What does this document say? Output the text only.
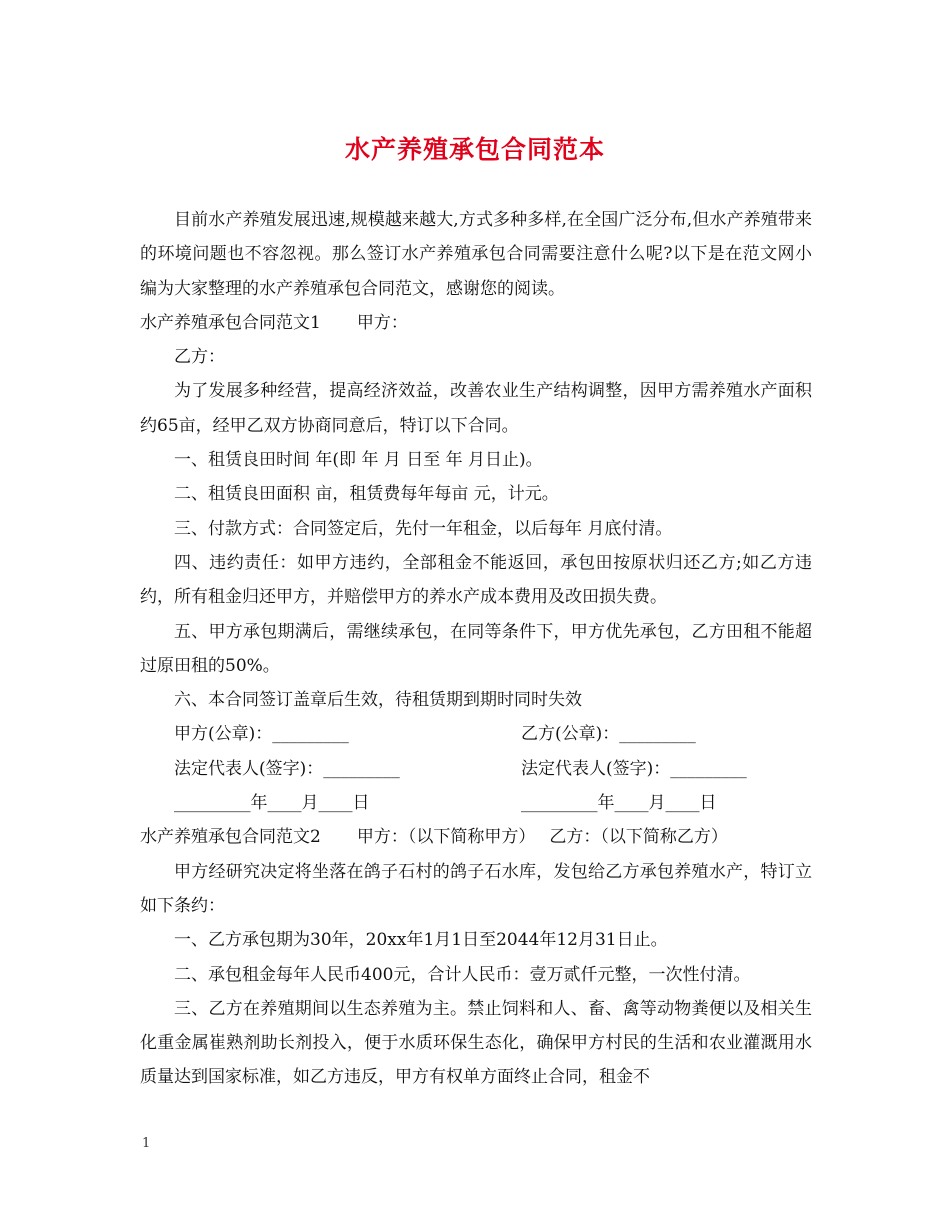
水产养殖承包合同范本

目前水产养殖发展迅速,规模越来越大,方式多种多样,在全国广泛分布,但水产养殖带来的环境问题也不容忽视。那么签订水产养殖承包合同需要注意什么呢?以下是在范文网小编为大家整理的水产养殖承包合同范文，感谢您的阅读。

水产养殖承包合同范文1 甲方：

乙方：

为了发展多种经营，提高经济效益，改善农业生产结构调整，因甲方需养殖水产面积约65亩，经甲乙双方协商同意后，特订以下合同。

一、租赁良田时间 年(即 年 月 日至 年 月日止)。

二、租赁良田面积 亩，租赁费每年每亩 元，计元。

三、付款方式：合同签定后，先付一年租金，以后每年 月底付清。

四、违约责任：如甲方违约，全部租金不能返回，承包田按原状归还乙方;如乙方违约，所有租金归还甲方，并赔偿甲方的养水产成本费用及改田损失费。

五、甲方承包期满后，需继续承包，在同等条件下，甲方优先承包，乙方田租不能超过原田租的50%。

六、本合同签订盖章后生效，待租赁期到期时同时失效

甲方(公章)：_________	乙方(公章)：_________
法定代表人(签字)：_________	法定代表人(签字)：_________
_________年____月____日	_________年____月____日

水产养殖承包合同范文2 甲方：（以下简称甲方） 乙方：（以下简称乙方）

甲方经研究决定将坐落在鸽子石村的鸽子石水库，发包给乙方承包养殖水产，特订立如下条约：

一、乙方承包期为30年，20xx年1月1日至2044年12月31日止。

二、承包租金每年人民币400元，合计人民币：壹万贰仟元整，一次性付清。

三、乙方在养殖期间以生态养殖为主。禁止饲料和人、畜、禽等动物粪便以及相关生化重金属崔熟剂助长剂投入，便于水质环保生态化，确保甲方村民的生活和农业灌溉用水质量达到国家标准，如乙方违反，甲方有权单方面终止合同，租金不

1
